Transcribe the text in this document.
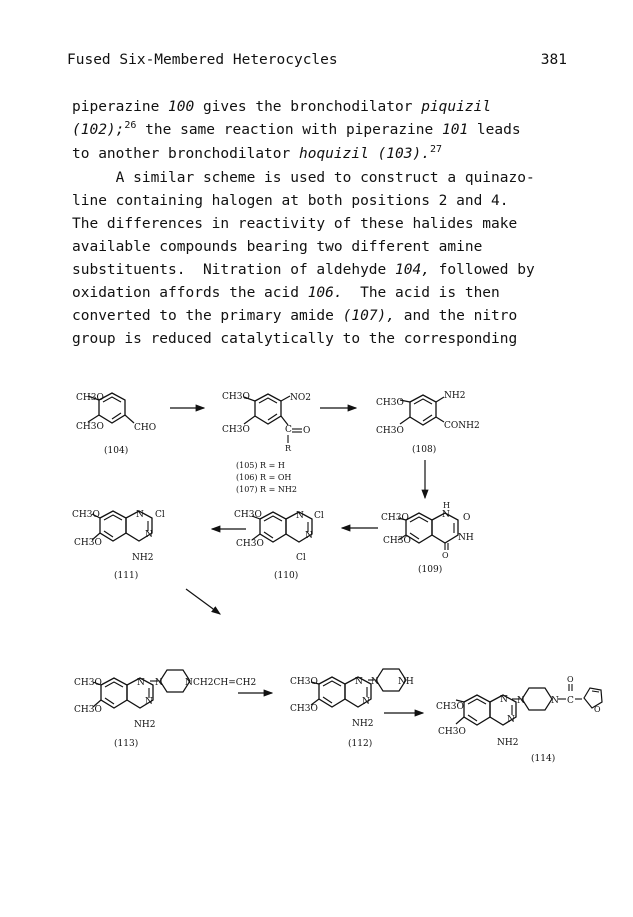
Fused Six-Membered Heterocycles	381
piperazine 100 gives the bronchodilator piquizil
(102);$^{26}$ the same reaction with piperazine 101 leads
to another bronchodilator hoquizil (103).$^{27}$
A similar scheme is used to construct a quinazo-
line containing halogen at both positions 2 and 4.
The differences in reactivity of these halides make
available compounds bearing two different amine
substituents.  Nitration of aldehyde 104, followed by
oxidation affords the acid 106.  The acid is then
converted to the primary amide (107), and the nitro
group is reduced catalytically to the corresponding
CH3O
CH3O	CHO
(104)
CH3O
CH3O
NO2
C O
R
(105) R = H
(106) R = OH
(107) R = NH2
CH3O
CH3O
NH2
CONH2
(108)
CH3O
CH3O
N
H
O
NH
O
(109)
CH3O
CH3O
N
N
Cl
Cl
(110)
CH3O
CH3O
N
N
Cl
NH2
(111)
CH3O
CH3O
N
N
N N CH2CH=CH2
NH2
(113)
CH3O
CH3O
N
N
N NH
NH2
(112)
CH3O
CH3O
N
N
N	N C
O
O
NH2
(114)
